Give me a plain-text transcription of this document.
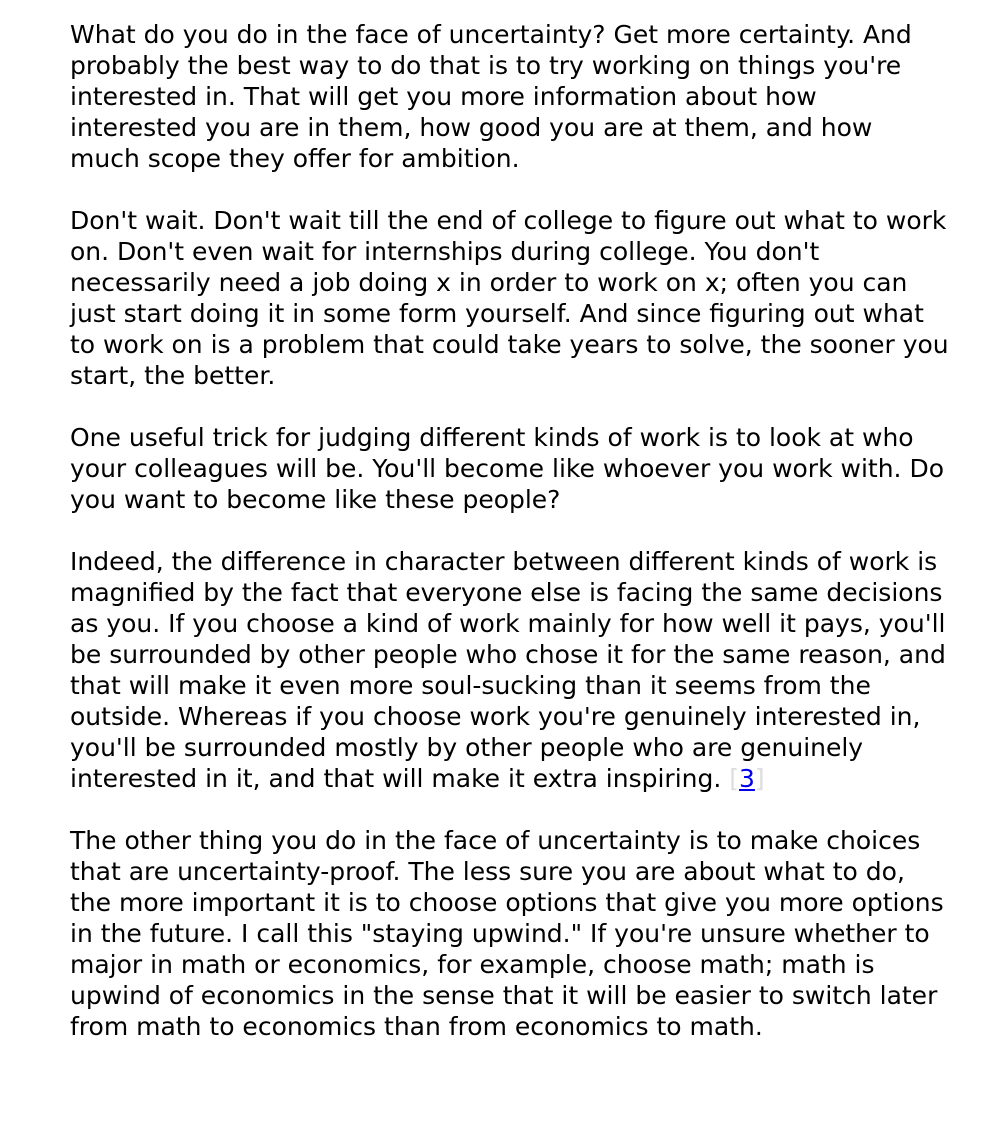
What do you do in the face of uncertainty? Get more certainty. And probably the best way to do that is to try working on things you're interested in. That will get you more information about how interested you are in them, how good you are at them, and how much scope they offer for ambition.

Don't wait. Don't wait till the end of college to figure out what to work on. Don't even wait for internships during college. You don't necessarily need a job doing x in order to work on x; often you can just start doing it in some form yourself. And since figuring out what to work on is a problem that could take years to solve, the sooner you start, the better.

One useful trick for judging different kinds of work is to look at who your colleagues will be. You'll become like whoever you work with. Do you want to become like these people?

Indeed, the difference in character between different kinds of work is magnified by the fact that everyone else is facing the same decisions as you. If you choose a kind of work mainly for how well it pays, you'll be surrounded by other people who chose it for the same reason, and that will make it even more soul-sucking than it seems from the outside. Whereas if you choose work you're genuinely interested in, you'll be surrounded mostly by other people who are genuinely interested in it, and that will make it extra inspiring. [3]

The other thing you do in the face of uncertainty is to make choices that are uncertainty-proof. The less sure you are about what to do, the more important it is to choose options that give you more options in the future. I call this "staying upwind." If you're unsure whether to major in math or economics, for example, choose math; math is upwind of economics in the sense that it will be easier to switch later from math to economics than from economics to math.
